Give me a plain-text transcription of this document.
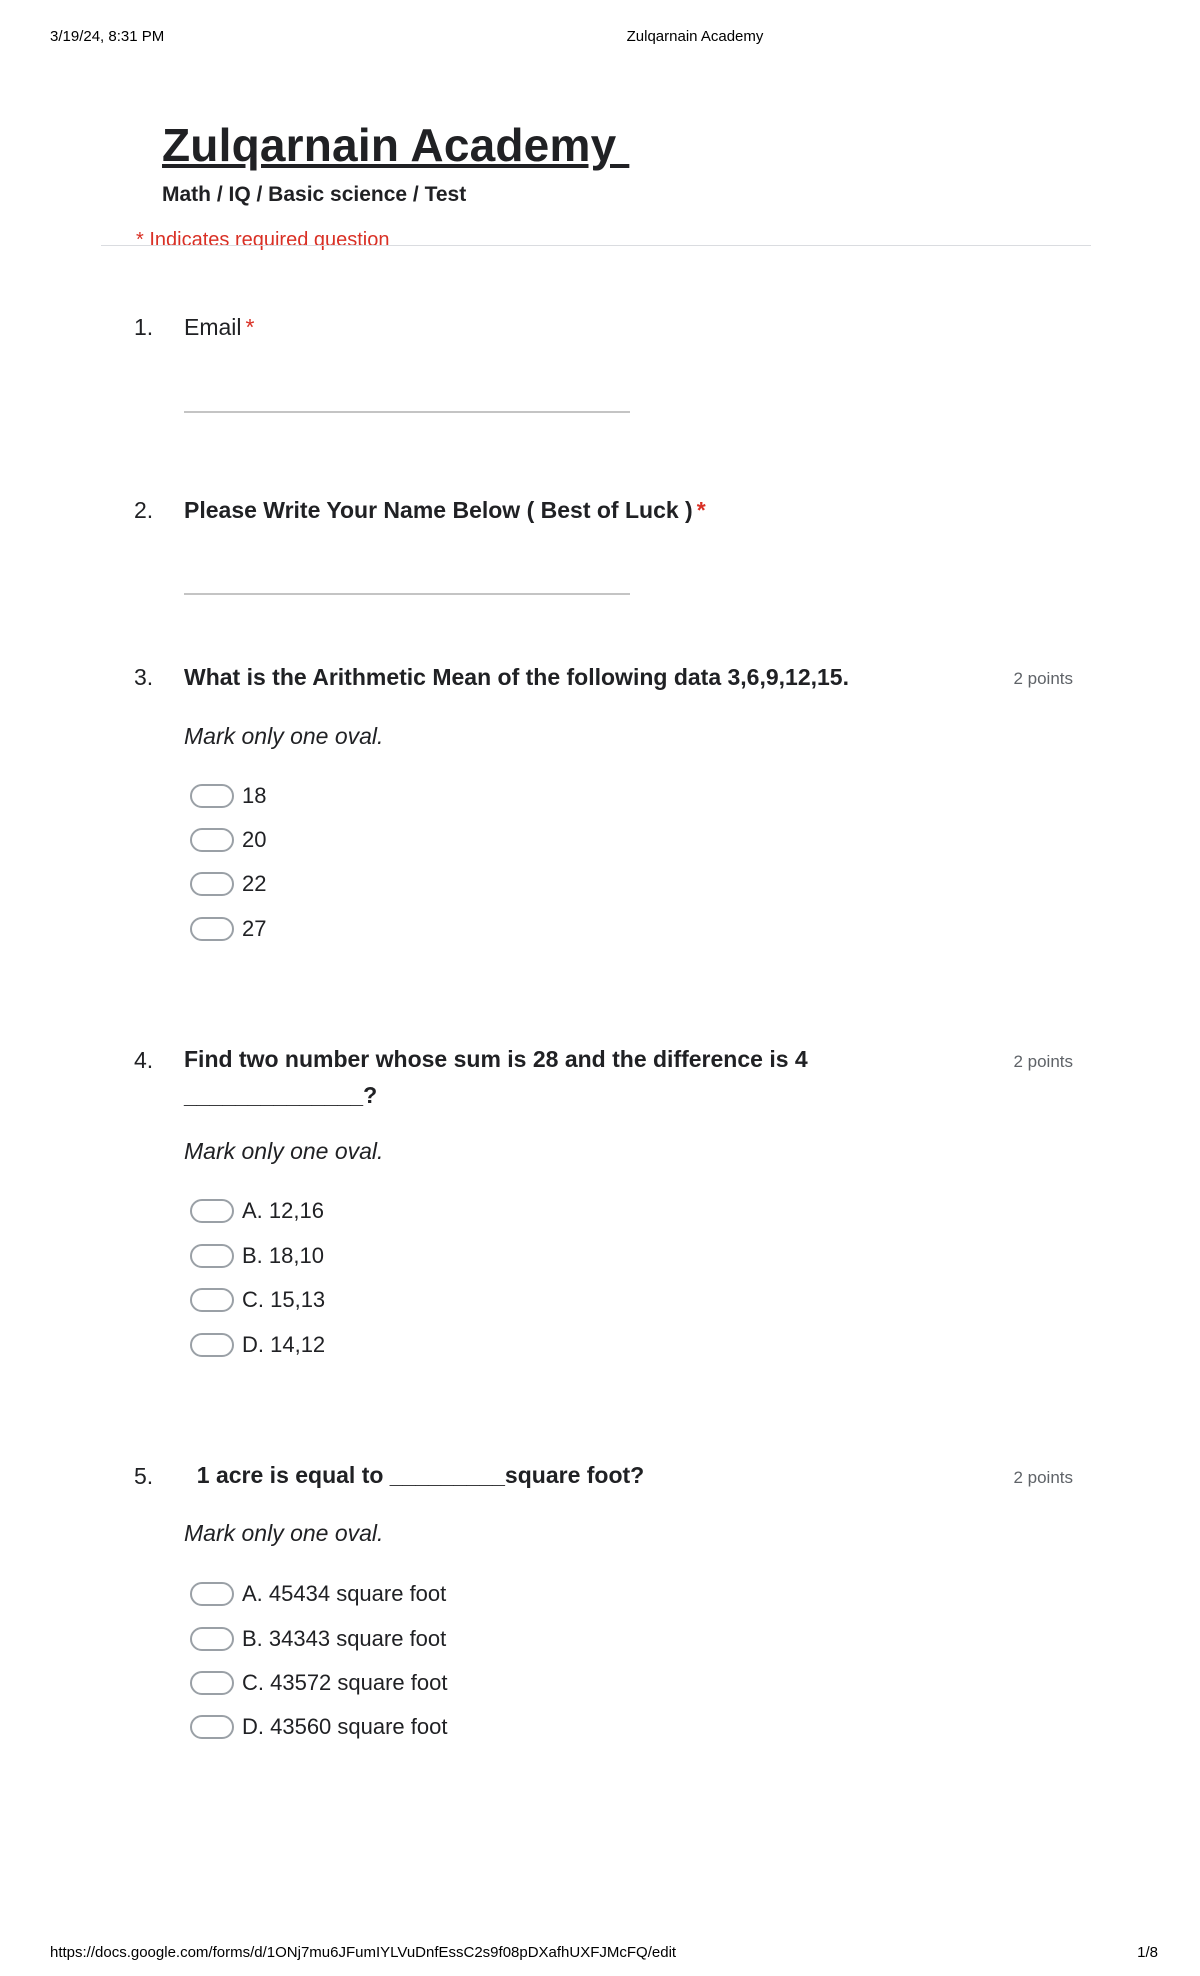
3/19/24, 8:31 PM	Zulqarnain Academy
https://docs.google.com/forms/d/1ONj7mu6JFumIYLVuDnfEssC2s9f08pDXafhUXFJMcFQ/edit	1/8
Zulqarnain Academy
Math / IQ / Basic science / Test
* Indicates required question
1. Email *
2. Please Write Your Name Below ( Best of Luck ) *
3. What is the Arithmetic Mean of the following data 3,6,9,12,15.	2 points
Mark only one oval.
18
20
22
27
4. Find two number whose sum is 28 and the difference is 4 ______________?
2 points
Mark only one oval.
A. 12,16
B. 18,10
C. 15,13
D. 14,12
5. 1 acre is equal to _________square foot?	2 points
Mark only one oval.
A. 45434 square foot
B. 34343 square foot
C. 43572 square foot
D. 43560 square foot
